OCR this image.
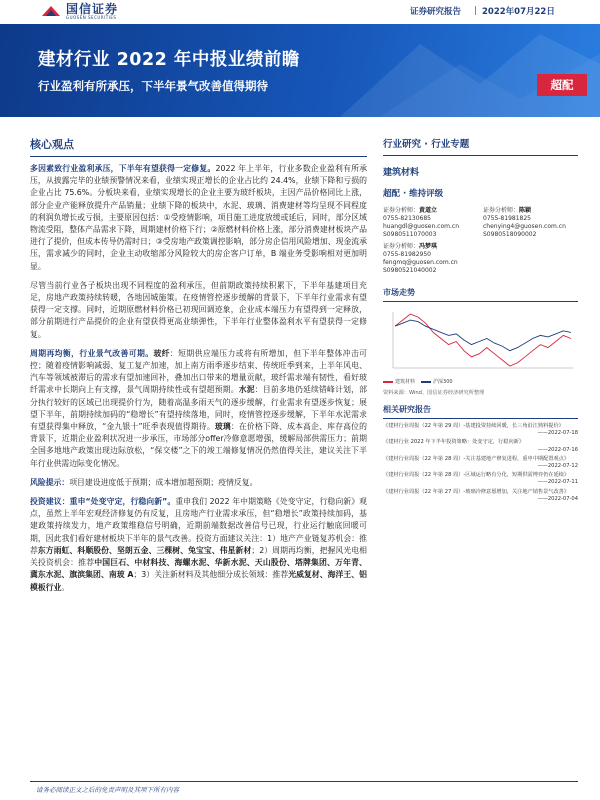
国信证券
GUOSEN SECURITIES	证券研究报告 2022年07月22日
建材行业 2022 年中报业绩前瞻
行业盈利有所承压，下半年景气改善值得期待	超配
核心观点

多因素致行业盈利承压，下半年有望获得一定修复。2022 年上半年，行业多数企业盈利有所承压，从披露完毕的业绩预警情况来看，业绩实现正增长的企业占比约 24.4%，业绩下降和亏损的企业占比 75.6%。分板块来看，业绩实现增长的企业主要为玻纤板块，主因产品价格同比上涨，部分企业产能释放提升产品销量；业绩下降的板块中，水泥、玻璃、消费建材等均呈现不同程度的利润负增长或亏损，主要原因包括：①受疫情影响，项目施工进度放缓或延后，同时，部分区域物流受阻，整体产品需求下降，周期建材价格下行；②原燃材料价格上涨，部分消费建材板块产品进行了提价，但成本传导仍需时日；③受房地产政策调控影响，部分房企信用风险增加、现金流承压，需求减少的同时，企业主动收缩部分风险较大的房企客户订单，B 端业务受影响相对更加明显。

尽管当前行业各子板块出现不同程度的盈利承压，但前期政策持续积累下，下半年基建项目充足，房地产政策持续转暖，各地因城施策。在疫情管控逐步缓解的背景下，下半年行业需求有望获得一定支撑。同时，近期原燃材料价格已初现回调迹象，企业成本端压力有望得到一定释放，部分前期进行产品提价的企业有望获得更高业绩弹性，下半年行业整体盈利水平有望获得一定修复。

周期再均衡，行业景气改善可期。玻纤：短期供应端压力或将有所增加，但下半年整体冲击可控；随着疫情影响减弱、复工复产加速，加上南方雨季逐步结束、传统旺季到来，上半年风电、汽车等领域被滞后的需求有望加速回补，叠加出口带来的增量贡献，玻纤需求端有韧性，看好玻纤需求中长期向上有支撑，景气周期持续性或有望超预期。水泥：目前多地仍延续错峰计划，部分执行较好的区域已出现提价行为，随着高温多雨天气的逐步缓解，行业需求有望逐步恢复；展望下半年，前期持续加码的“稳增长”有望持续落地，同时，疫情管控逐步缓解，下半年水泥需求有望获得集中释放，“金九银十”旺季表现值得期待。玻璃：在价格下降、成本高企、库存高位的背景下，近期企业盈利状况进一步承压，市场部分offer冷修意愿增强，缓解局部供需压力；前期全国多地地产政策出现边际放松，“保交楼”之下的竣工端修复情况仍然值得关注，建议关注下半年行业供需边际变化情况。

风险提示：项目建设进度低于预期；成本增加超预期；疫情反复。

投资建议：重申“处变守定，行稳向新”。重申我们 2022 年中期策略《处变守定，行稳向新》观点，虽然上半年宏观经济修复仍有反复，且房地产行业需求承压，但“稳增长”政策持续加码，基建政策持续发力，地产政策维稳信号明确，近期前端数据改善信号已现，行业运行触底回暖可期，因此我们看好建材板块下半年的景气改善。投资方面建议关注：1）地产产业链复苏机会：推荐东方雨虹、科顺股份、坚朗五金、三棵树、兔宝宝、伟星新材；2）周期再均衡，把握风光电相关投资机会：推荐中国巨石、中材科技、海螺水泥、华新水泥、天山股份、塔牌集团、万年青、冀东水泥、旗滨集团、南玻 A；3）关注新材料及其他细分成长领域：推荐光威复材、海洋王、铝模板行业。

行业研究 · 行业专题
建筑材料
超配 · 维持评级
证券分析师：黄道立
0755-82130685
huangdl@guosen.com.cn
S0980511070003
证券分析师：陈颖
0755-81981825
chenying4@guosen.com.cn
S0980518090002
证券分析师：冯梦琪
0755-81982950
fengmq@guosen.com.cn
S0980521040002
市场走势
建筑材料	沪深300
资料来源：Wind、国信证券经济研究所整理
相关研究报告
《建材行业周报（22 年第 29 周）-基建投资持续回暖，长三角沿江熟料提价》
——2022-07-18
《建材行业 2022 年下半年投资策略：处变守定，行稳向新》
——2022-07-16
《建材行业周报（22 年第 28 周）-关注基建地产修复进程，重申中期配置观点》
——2022-07-12
《建材行业周报（22 年第 28 周）-区域运行略有分化，短期供需博弈仍在延续》
——2022-07-11
《建材行业周报（22 年第 27 周）-玻璃冷修意愿增加，关注地产销售景气改善》
——2022-07-04
请务必阅读正文之后的免责声明及其项下所有内容
